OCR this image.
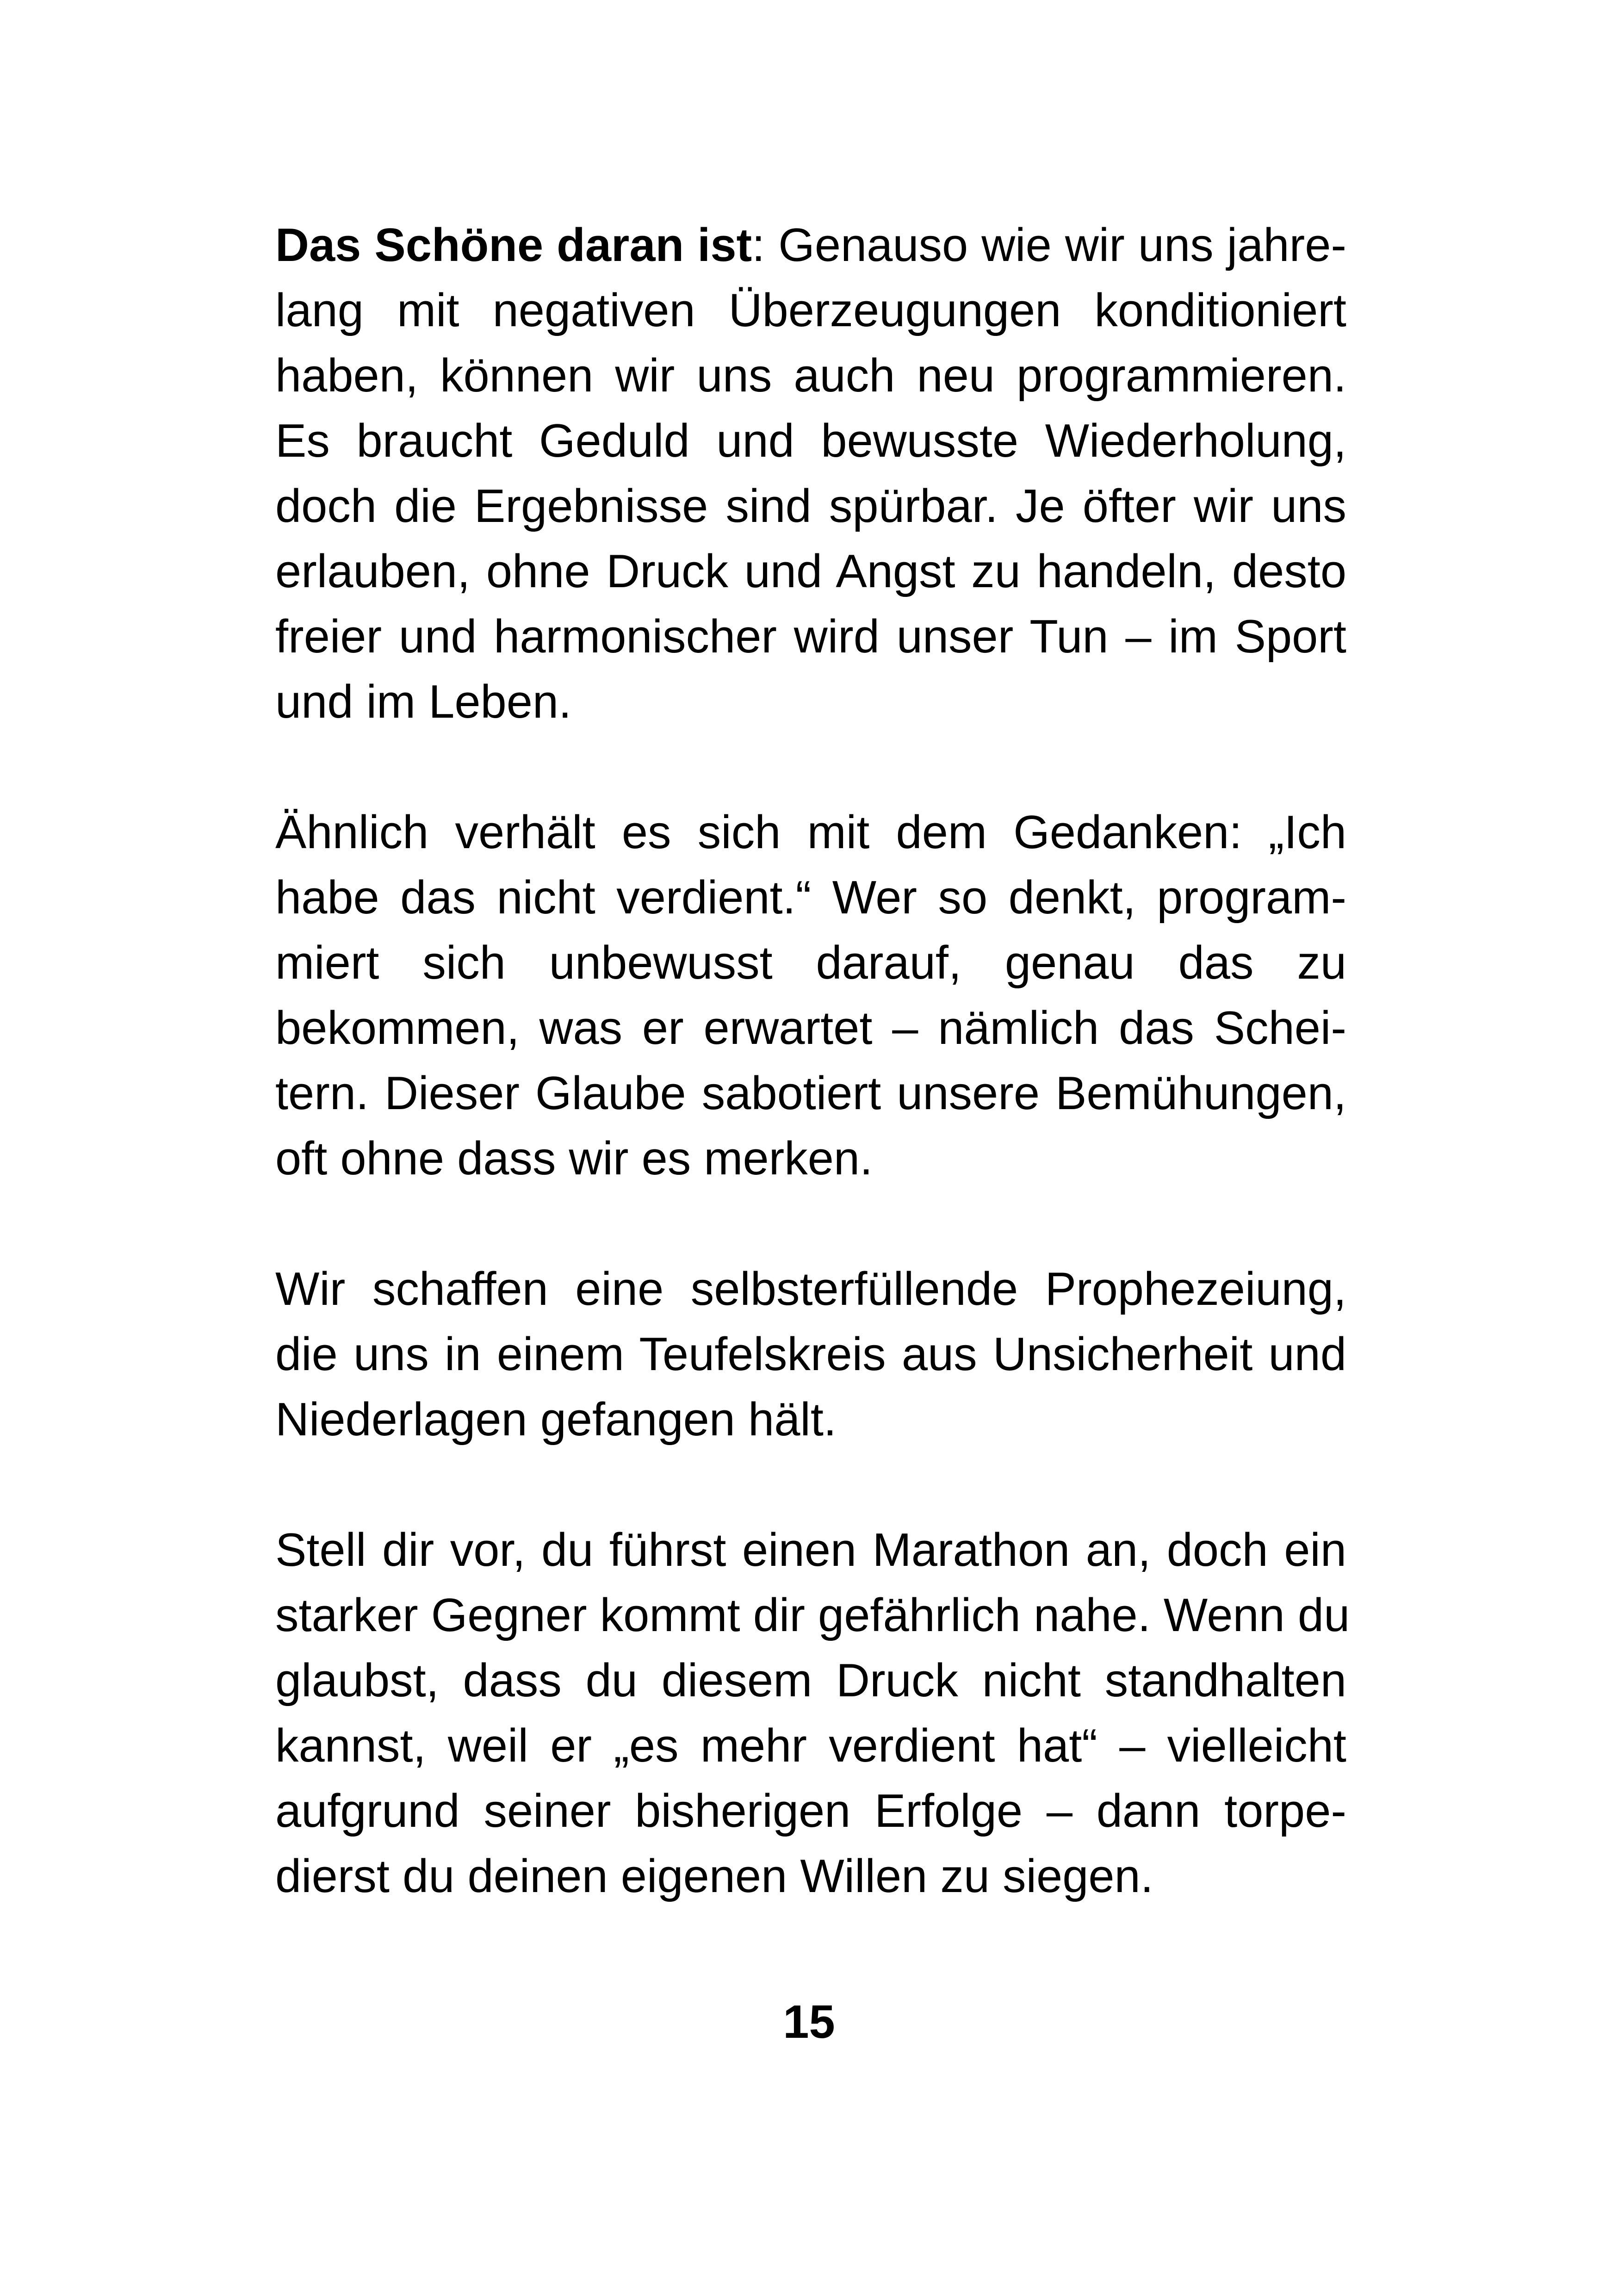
Das Schöne daran ist: Genauso wie wir uns jahre-
lang mit negativen Überzeugungen konditioniert
haben, können wir uns auch neu programmieren.
Es braucht Geduld und bewusste Wiederholung,
doch die Ergebnisse sind spürbar. Je öfter wir uns
erlauben, ohne Druck und Angst zu handeln, desto
freier und harmonischer wird unser Tun – im Sport
und im Leben.
Ähnlich verhält es sich mit dem Gedanken: „Ich
habe das nicht verdient.“ Wer so denkt, program-
miert sich unbewusst darauf, genau das zu
bekommen, was er erwartet – nämlich das Schei-
tern. Dieser Glaube sabotiert unsere Bemühungen,
oft ohne dass wir es merken.
Wir schaffen eine selbsterfüllende Prophezeiung,
die uns in einem Teufelskreis aus Unsicherheit und
Niederlagen gefangen hält.
Stell dir vor, du führst einen Marathon an, doch ein
starker Gegner kommt dir gefährlich nahe. Wenn du
glaubst, dass du diesem Druck nicht standhalten
kannst, weil er „es mehr verdient hat“ – vielleicht
aufgrund seiner bisherigen Erfolge – dann torpe-
dierst du deinen eigenen Willen zu siegen.
15
